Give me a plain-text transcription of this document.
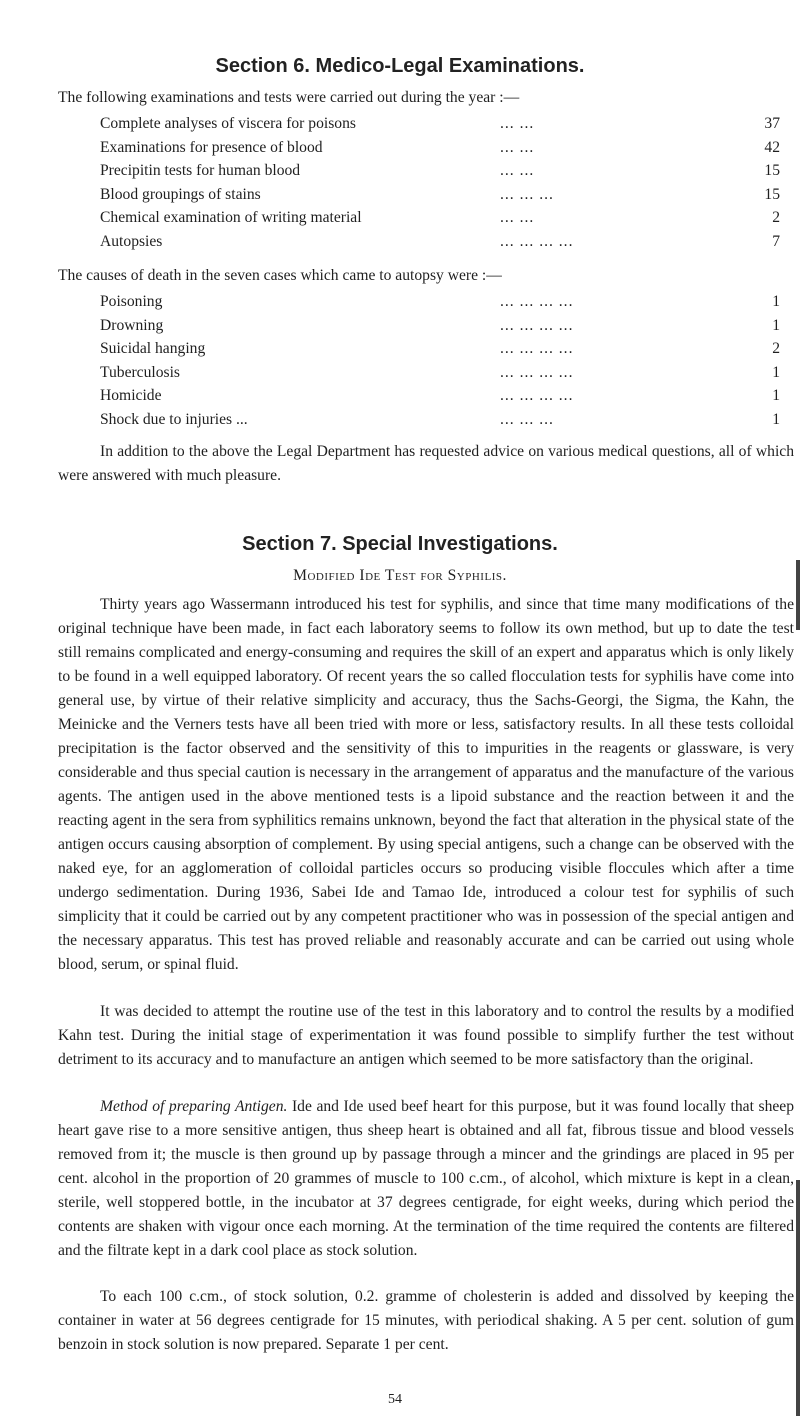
Section 6. Medico-Legal Examinations.
The following examinations and tests were carried out during the year :—
Complete analyses of viscera for poisons	... ...	37
Examinations for presence of blood	... ...	42
Precipitin tests for human blood	... ...	15
Blood groupings of stains	... ... ...	15
Chemical examination of writing material	... ...	2
Autopsies	... ... ... ...	7
The causes of death in the seven cases which came to autopsy were :—
Poisoning	... ... ... ...	1
Drowning	... ... ... ...	1
Suicidal hanging	... ... ... ...	2
Tuberculosis	... ... ... ...	1
Homicide	... ... ... ...	1
Shock due to injuries ...	... ... ...	1
In addition to the above the Legal Department has requested advice on various medical questions, all of which were answered with much pleasure.
Section 7. Special Investigations.
Modified Ide Test for Syphilis.
Thirty years ago Wassermann introduced his test for syphilis, and since that time many modifications of the original technique have been made, in fact each laboratory seems to follow its own method, but up to date the test still remains complicated and energy-consuming and requires the skill of an expert and apparatus which is only likely to be found in a well equipped laboratory. Of recent years the so called flocculation tests for syphilis have come into general use, by virtue of their relative simplicity and accuracy, thus the Sachs-Georgi, the Sigma, the Kahn, the Meinicke and the Verners tests have all been tried with more or less, satisfactory results. In all these tests colloidal precipitation is the factor observed and the sensitivity of this to impurities in the reagents or glassware, is very considerable and thus special caution is necessary in the arrangement of apparatus and the manufacture of the various agents. The antigen used in the above mentioned tests is a lipoid substance and the reaction between it and the reacting agent in the sera from syphilitics remains unknown, beyond the fact that alteration in the physical state of the antigen occurs causing absorption of complement. By using special antigens, such a change can be observed with the naked eye, for an agglomeration of colloidal particles occurs so producing visible floccules which after a time undergo sedimentation. During 1936, Sabei Ide and Tamao Ide, introduced a colour test for syphilis of such simplicity that it could be carried out by any competent practitioner who was in possession of the special antigen and the necessary apparatus. This test has proved reliable and reasonably accurate and can be carried out using whole blood, serum, or spinal fluid.
It was decided to attempt the routine use of the test in this laboratory and to control the results by a modified Kahn test. During the initial stage of experimentation it was found possible to simplify further the test without detriment to its accuracy and to manufacture an antigen which seemed to be more satisfactory than the original.
Method of preparing Antigen. Ide and Ide used beef heart for this purpose, but it was found locally that sheep heart gave rise to a more sensitive antigen, thus sheep heart is obtained and all fat, fibrous tissue and blood vessels removed from it; the muscle is then ground up by passage through a mincer and the grindings are placed in 95 per cent. alcohol in the proportion of 20 grammes of muscle to 100 c.cm., of alcohol, which mixture is kept in a clean, sterile, well stoppered bottle, in the incubator at 37 degrees centigrade, for eight weeks, during which period the contents are shaken with vigour once each morning. At the termination of the time required the contents are filtered and the filtrate kept in a dark cool place as stock solution.
To each 100 c.cm., of stock solution, 0.2. gramme of cholesterin is added and dissolved by keeping the container in water at 56 degrees centigrade for 15 minutes, with periodical shaking. A 5 per cent. solution of gum benzoin in stock solution is now prepared. Separate 1 per cent.
54
